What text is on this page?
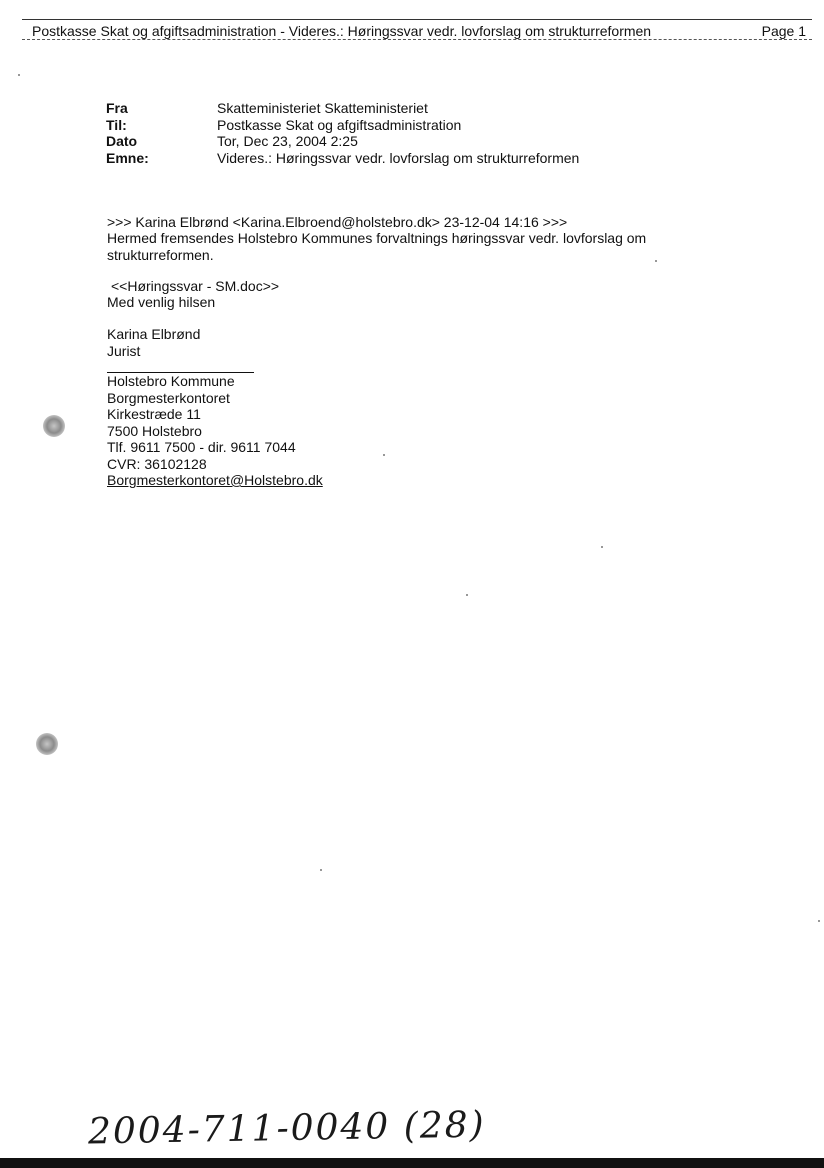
Postkasse Skat og afgiftsadministration - Videres.: Høringssvar vedr. lovforslag om strukturreformen	Page 1
Fra	Skatteministeriet Skatteministeriet
Til:	Postkasse Skat og afgiftsadministration
Dato	Tor, Dec 23, 2004 2:25
Emne:	Videres.: Høringssvar vedr. lovforslag om strukturreformen
>>> Karina Elbrønd <Karina.Elbroend@holstebro.dk> 23-12-04 14:16 >>>
Hermed fremsendes Holstebro Kommunes forvaltnings høringssvar vedr. lovforslag om strukturreformen.
<<Høringssvar - SM.doc>>
Med venlig hilsen
Karina Elbrønd
Jurist
Holstebro Kommune
Borgmesterkontoret
Kirkestræde 11
7500 Holstebro
Tlf. 9611 7500 - dir. 9611 7044
CVR: 36102128
Borgmesterkontoret@Holstebro.dk
2004-711-0040 (28)
